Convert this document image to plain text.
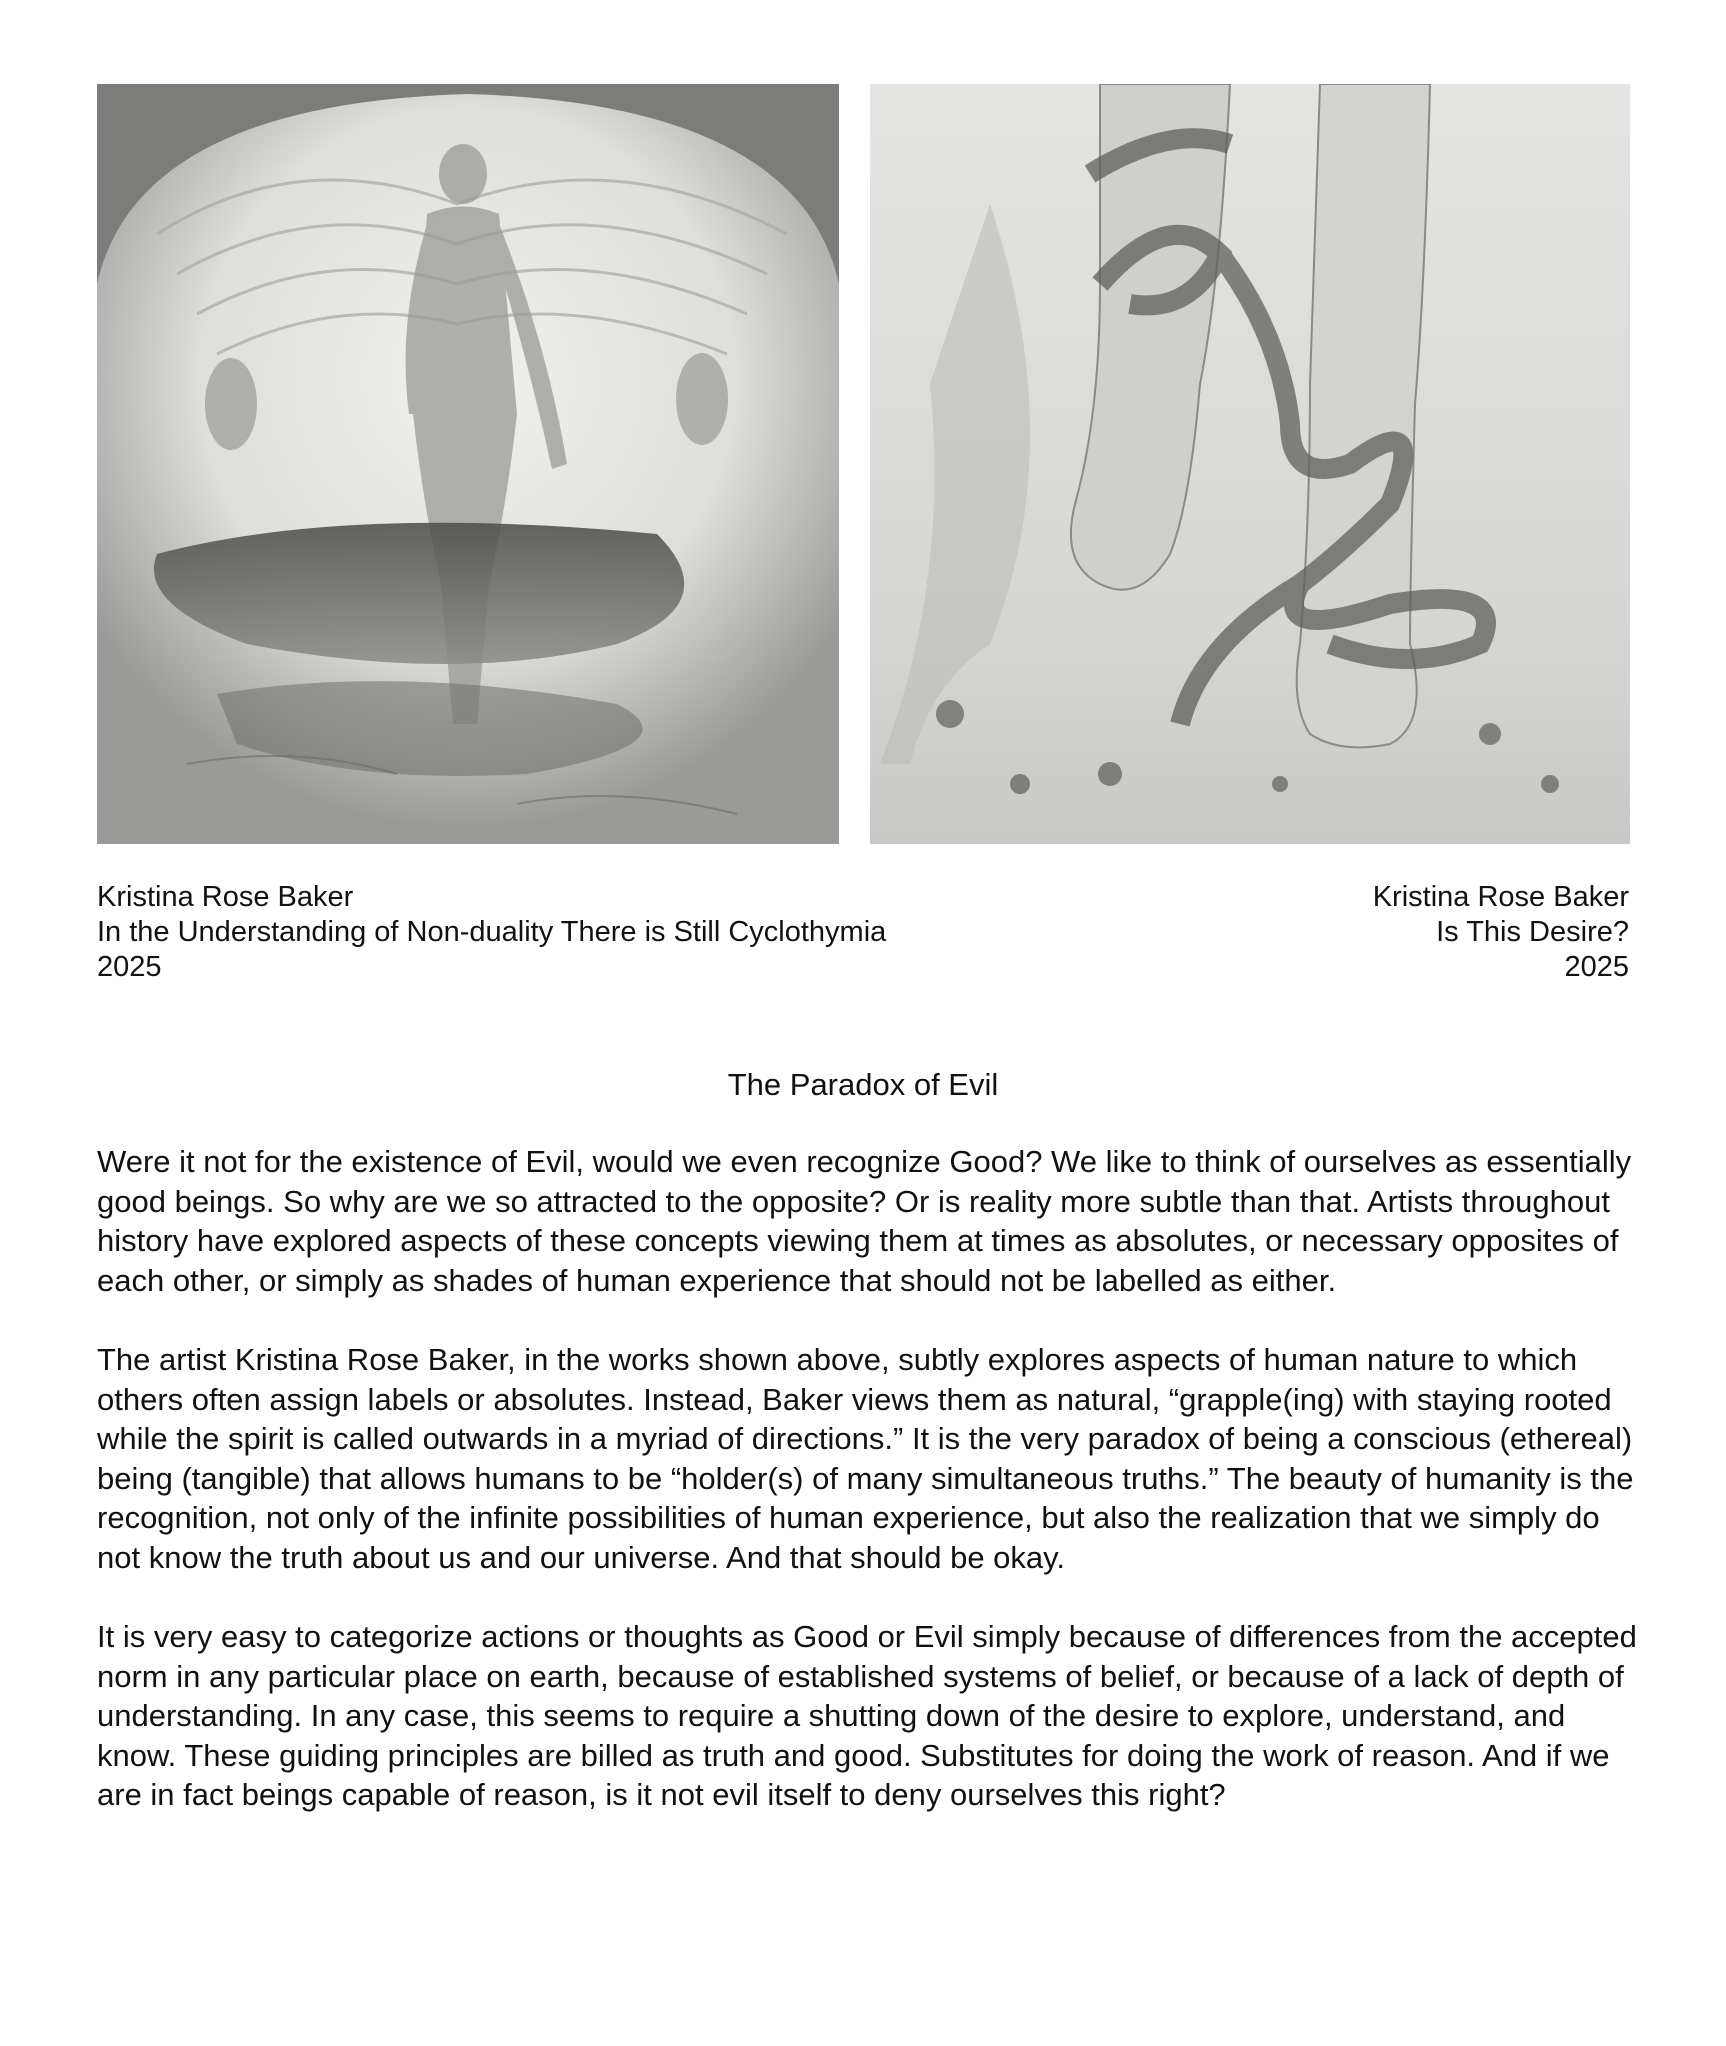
Kristina Rose Baker
In the Understanding of Non-duality There is Still Cyclothymia
2025
Kristina Rose Baker
Is This Desire?
2025
The Paradox of Evil

Were it not for the existence of Evil, would we even recognize Good? We like to think of ourselves as essentially good beings. So why are we so attracted to the opposite? Or is reality more subtle than that. Artists throughout history have explored aspects of these concepts viewing them at times as absolutes, or necessary opposites of each other, or simply as shades of human experience that should not be labelled as either.

The artist Kristina Rose Baker, in the works shown above, subtly explores aspects of human nature to which others often assign labels or absolutes. Instead, Baker views them as natural, “grapple(ing) with staying rooted while the spirit is called outwards in a myriad of directions.” It is the very paradox of being a conscious (ethereal) being (tangible) that allows humans to be “holder(s) of many simultaneous truths.” The beauty of humanity is the recognition, not only of the infinite possibilities of human experience, but also the realization that we simply do not know the truth about us and our universe. And that should be okay.

It is very easy to categorize actions or thoughts as Good or Evil simply because of differences from the accepted norm in any particular place on earth, because of established systems of belief, or because of a lack of depth of understanding. In any case, this seems to require a shutting down of the desire to explore, understand, and know. These guiding principles are billed as truth and good. Substitutes for doing the work of reason. And if we are in fact beings capable of reason, is it not evil itself to deny ourselves this right?
